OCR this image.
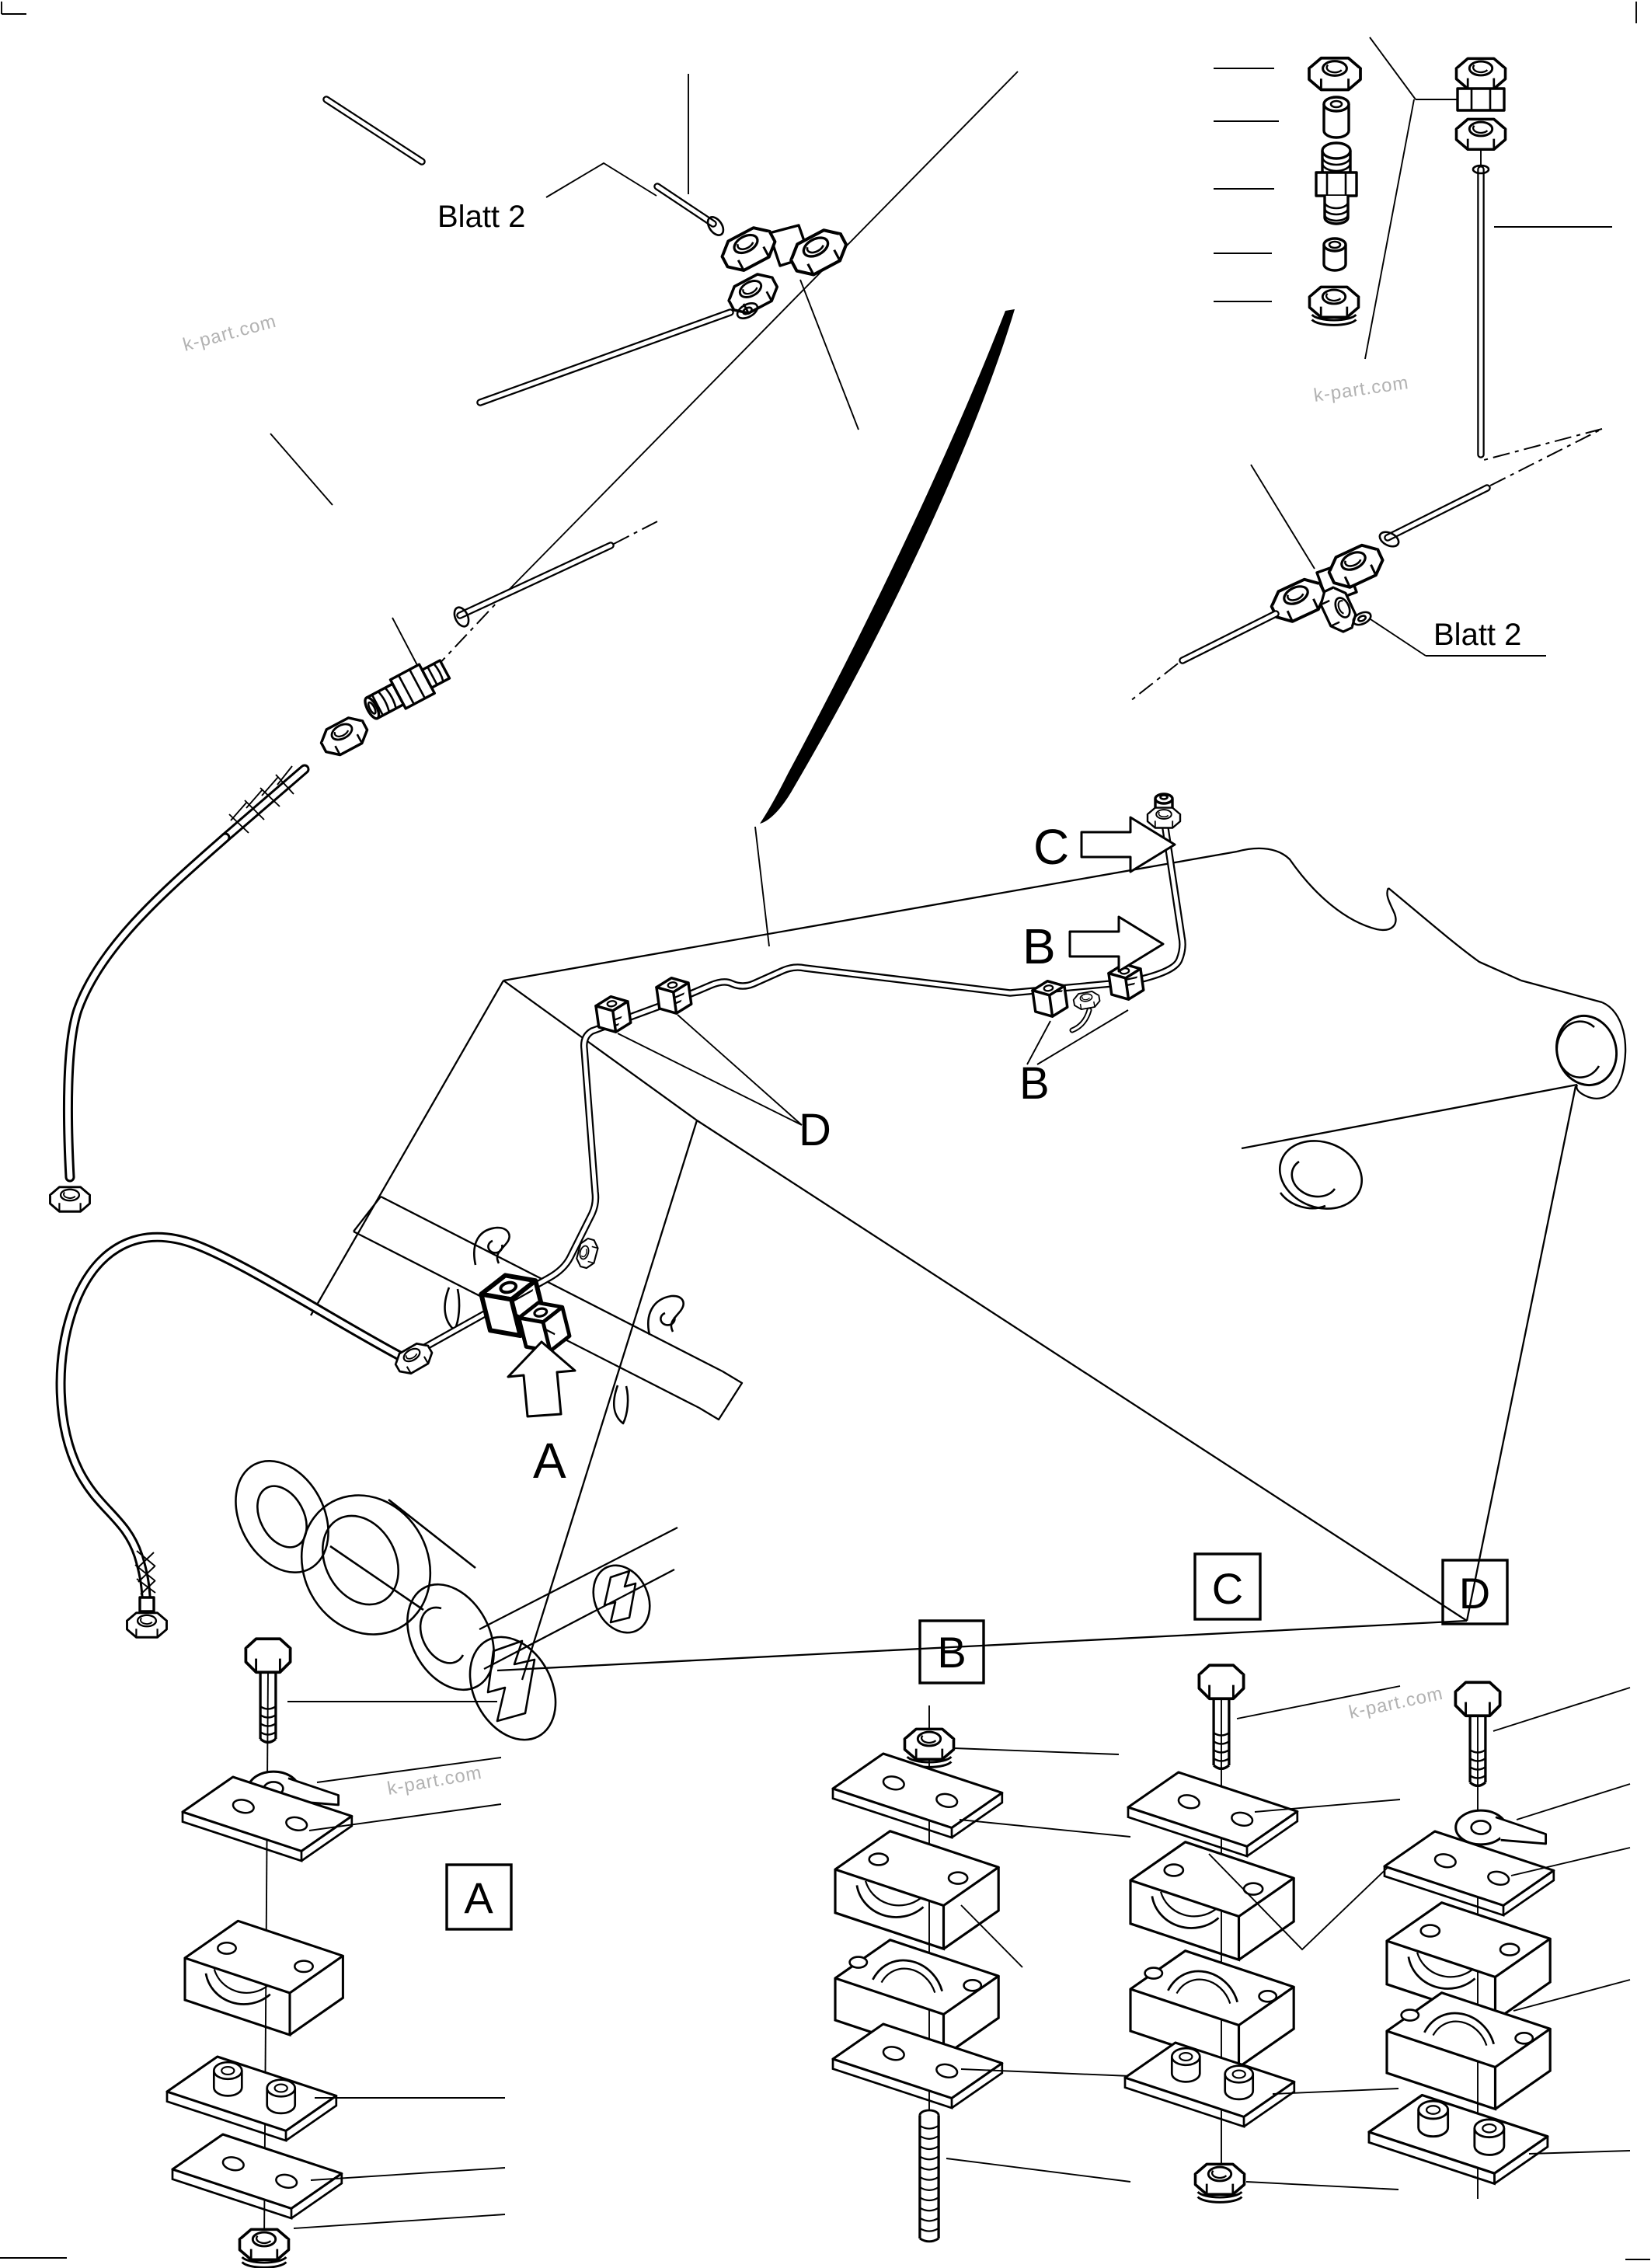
k-part.com
k-part.com
k-part.com
k-part.com
Blatt 2
Blatt 2
C
B
B
D
A
A
B
C	D
